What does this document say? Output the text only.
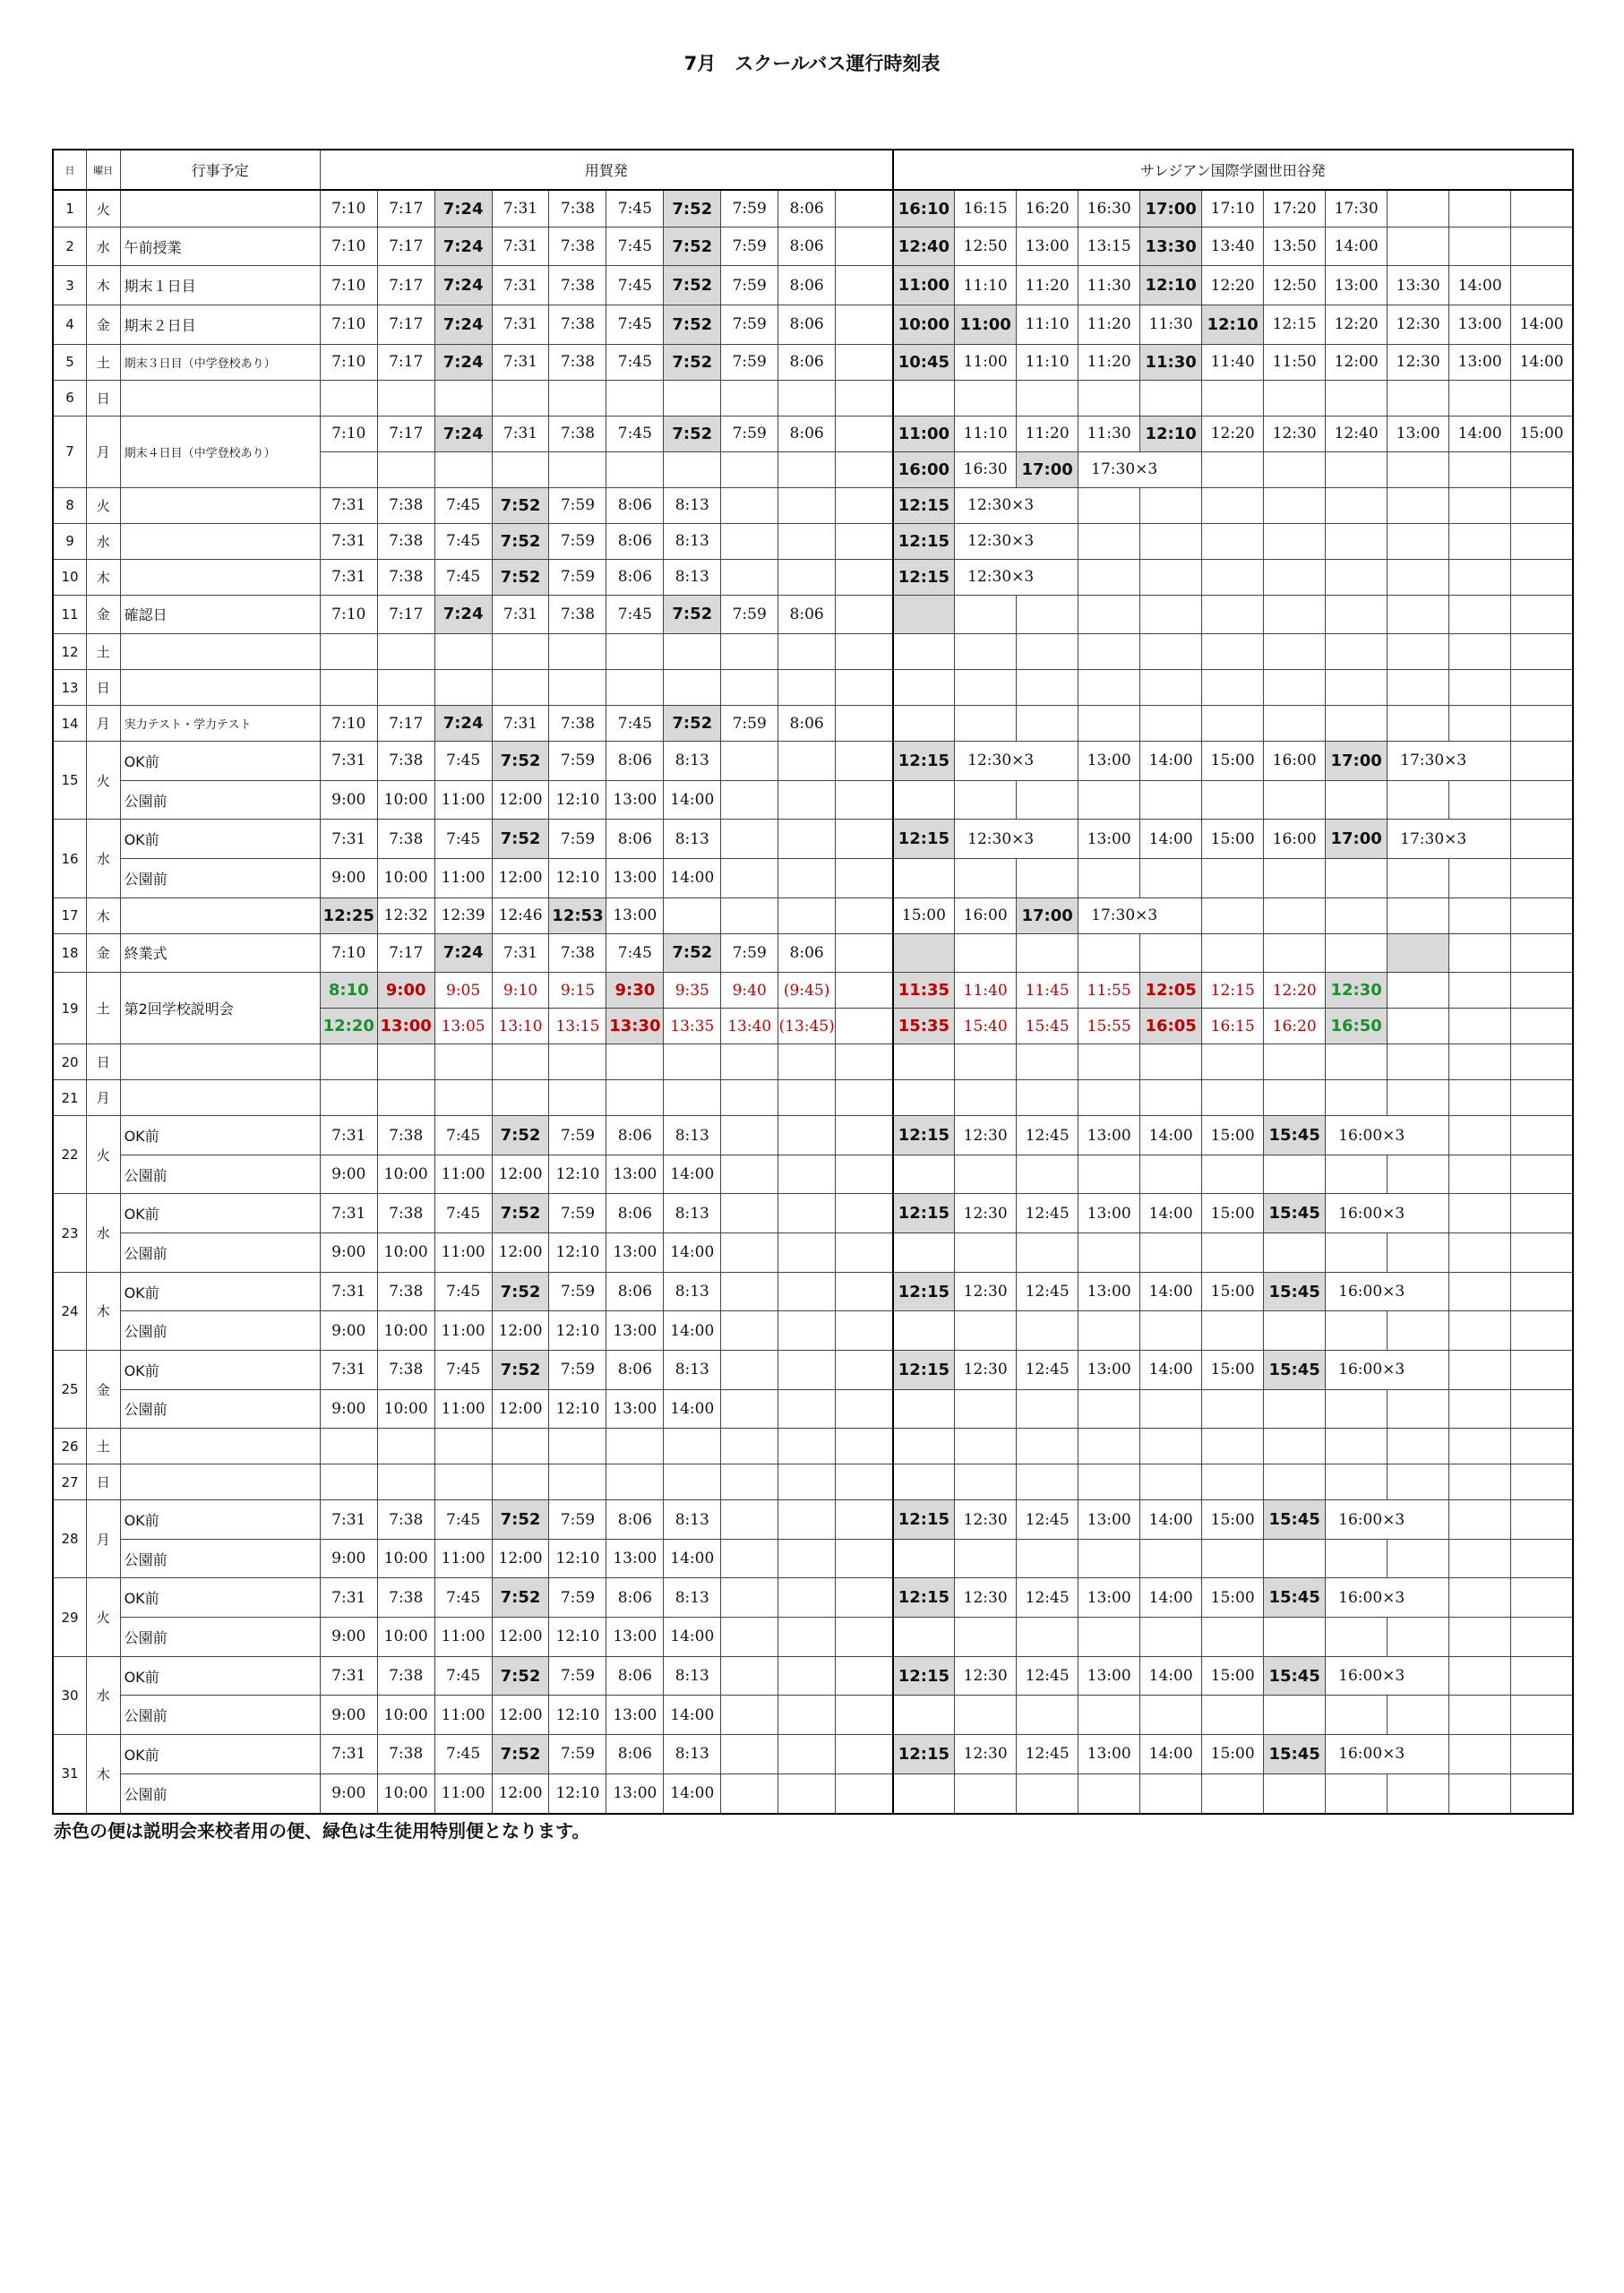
7月　スクールバス運行時刻表
日	曜日	行事予定	用賀発										サレジアン国際学園世田谷発										
1	火		7:10	7:17	7:24	7:31	7:38	7:45	7:52	7:59	8:06		16:10	16:15	16:20	16:30	17:00	17:10	17:20	17:30			
2	水	午前授業	7:10	7:17	7:24	7:31	7:38	7:45	7:52	7:59	8:06		12:40	12:50	13:00	13:15	13:30	13:40	13:50	14:00			
3	木	期末１日目	7:10	7:17	7:24	7:31	7:38	7:45	7:52	7:59	8:06		11:00	11:10	11:20	11:30	12:10	12:20	12:50	13:00	13:30	14:00	
4	金	期末２日目	7:10	7:17	7:24	7:31	7:38	7:45	7:52	7:59	8:06		10:00	11:00	11:10	11:20	11:30	12:10	12:15	12:20	12:30	13:00	14:00
5	土	期末３日目（中学登校あり）	7:10	7:17	7:24	7:31	7:38	7:45	7:52	7:59	8:06		10:45	11:00	11:10	11:20	11:30	11:40	11:50	12:00	12:30	13:00	14:00
6	日																						
7	月	期末４日目（中学登校あり）	7:10	7:17	7:24	7:31	7:38	7:45	7:52	7:59	8:06		11:00	11:10	11:20	11:30	12:10	12:20	12:30	12:40	13:00	14:00	15:00
													16:00	16:30	17:00	17:30×3							
8	火		7:31	7:38	7:45	7:52	7:59	8:06	8:13				12:15	12:30×3									
9	水		7:31	7:38	7:45	7:52	7:59	8:06	8:13				12:15	12:30×3									
10	木		7:31	7:38	7:45	7:52	7:59	8:06	8:13				12:15	12:30×3									
11	金	確認日	7:10	7:17	7:24	7:31	7:38	7:45	7:52	7:59	8:06												
12	土																						
13	日																						
14	月	実力テスト・学力テスト	7:10	7:17	7:24	7:31	7:38	7:45	7:52	7:59	8:06												
15	火	OK前	7:31	7:38	7:45	7:52	7:59	8:06	8:13				12:15	12:30×3		13:00	14:00	15:00	16:00	17:00	17:30×3		
		公園前	9:00	10:00	11:00	12:00	12:10	13:00	14:00														
16	水	OK前	7:31	7:38	7:45	7:52	7:59	8:06	8:13				12:15	12:30×3		13:00	14:00	15:00	16:00	17:00	17:30×3		
		公園前	9:00	10:00	11:00	12:00	12:10	13:00	14:00														
17	木		12:25	12:32	12:39	12:46	12:53	13:00					15:00	16:00	17:00	17:30×3							
18	金	終業式	7:10	7:17	7:24	7:31	7:38	7:45	7:52	7:59	8:06												
19	土	第2回学校説明会	8:10	9:00	9:05	9:10	9:15	9:30	9:35	9:40	(9:45)		11:35	11:40	11:45	11:55	12:05	12:15	12:20	12:30			
			12:20	13:00	13:05	13:10	13:15	13:30	13:35	13:40	(13:45)		15:35	15:40	15:45	15:55	16:05	16:15	16:20	16:50			
20	日																						
21	月																						
22	火	OK前	7:31	7:38	7:45	7:52	7:59	8:06	8:13				12:15	12:30	12:45	13:00	14:00	15:00	15:45	16:00×3			
		公園前	9:00	10:00	11:00	12:00	12:10	13:00	14:00														
23	水	OK前	7:31	7:38	7:45	7:52	7:59	8:06	8:13				12:15	12:30	12:45	13:00	14:00	15:00	15:45	16:00×3			
		公園前	9:00	10:00	11:00	12:00	12:10	13:00	14:00														
24	木	OK前	7:31	7:38	7:45	7:52	7:59	8:06	8:13				12:15	12:30	12:45	13:00	14:00	15:00	15:45	16:00×3			
		公園前	9:00	10:00	11:00	12:00	12:10	13:00	14:00														
25	金	OK前	7:31	7:38	7:45	7:52	7:59	8:06	8:13				12:15	12:30	12:45	13:00	14:00	15:00	15:45	16:00×3			
		公園前	9:00	10:00	11:00	12:00	12:10	13:00	14:00														
26	土																						
27	日																						
28	月	OK前	7:31	7:38	7:45	7:52	7:59	8:06	8:13				12:15	12:30	12:45	13:00	14:00	15:00	15:45	16:00×3			
		公園前	9:00	10:00	11:00	12:00	12:10	13:00	14:00														
29	火	OK前	7:31	7:38	7:45	7:52	7:59	8:06	8:13				12:15	12:30	12:45	13:00	14:00	15:00	15:45	16:00×3			
		公園前	9:00	10:00	11:00	12:00	12:10	13:00	14:00														
30	水	OK前	7:31	7:38	7:45	7:52	7:59	8:06	8:13				12:15	12:30	12:45	13:00	14:00	15:00	15:45	16:00×3			
		公園前	9:00	10:00	11:00	12:00	12:10	13:00	14:00														
31	木	OK前	7:31	7:38	7:45	7:52	7:59	8:06	8:13				12:15	12:30	12:45	13:00	14:00	15:00	15:45	16:00×3			
		公園前	9:00	10:00	11:00	12:00	12:10	13:00	14:00														
赤色の便は説明会来校者用の便、緑色は生徒用特別便となります。
